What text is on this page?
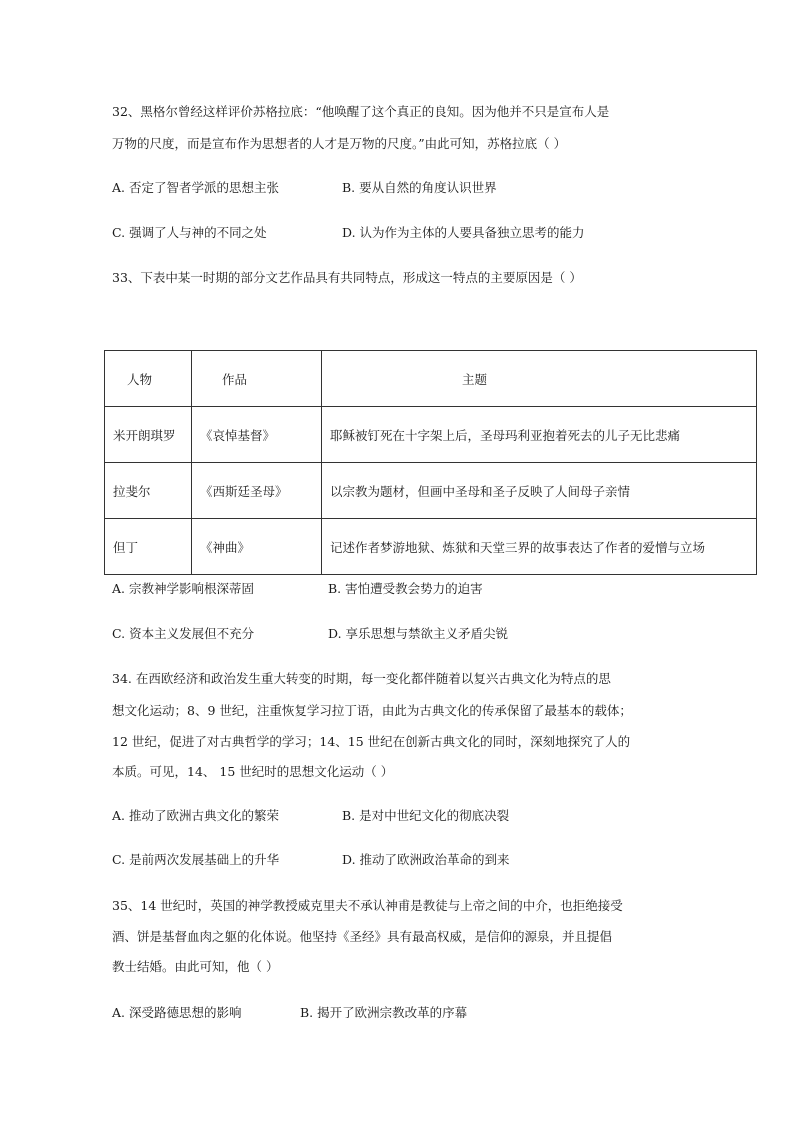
32、黑格尔曾经这样评价苏格拉底：“他唤醒了这个真正的良知。因为他并不只是宣布人是
万物的尺度，而是宣布作为思想者的人才是万物的尺度。”由此可知，苏格拉底（ ）
A. 否定了智者学派的思想主张	B. 要从自然的角度认识世界
C. 强调了人与神的不同之处	D. 认为作为主体的人要具备独立思考的能力
33、下表中某一时期的部分文艺作品具有共同特点，形成这一特点的主要原因是（ ）
人物	作品	主题
米开朗琪罗	《哀悼基督》	耶稣被钉死在十字架上后，圣母玛利亚抱着死去的儿子无比悲痛
拉斐尔	《西斯廷圣母》	以宗教为题材，但画中圣母和圣子反映了人间母子亲情
但丁	《神曲》	记述作者梦游地狱、炼狱和天堂三界的故事表达了作者的爱憎与立场
A. 宗教神学影响根深蒂固	B. 害怕遭受教会势力的迫害
C. 资本主义发展但不充分	D. 享乐思想与禁欲主义矛盾尖锐
34. 在西欧经济和政治发生重大转变的时期，每一变化都伴随着以复兴古典文化为特点的思
想文化运动；8、9 世纪，注重恢复学习拉丁语，由此为古典文化的传承保留了最基本的载体；
12 世纪，促进了对古典哲学的学习；14、15 世纪在创新古典文化的同时，深刻地探究了人的
本质。可见，14、 15 世纪时的思想文化运动（ ）
A. 推动了欧洲古典文化的繁荣	B. 是对中世纪文化的彻底决裂
C. 是前两次发展基础上的升华	D. 推动了欧洲政治革命的到来
35、14 世纪时，英国的神学教授威克里夫不承认神甫是教徒与上帝之间的中介，也拒绝接受
酒、饼是基督血肉之躯的化体说。他坚持《圣经》具有最高权威，是信仰的源泉，并且提倡
教士结婚。由此可知，他（ ）
A. 深受路德思想的影响	B. 揭开了欧洲宗教改革的序幕
